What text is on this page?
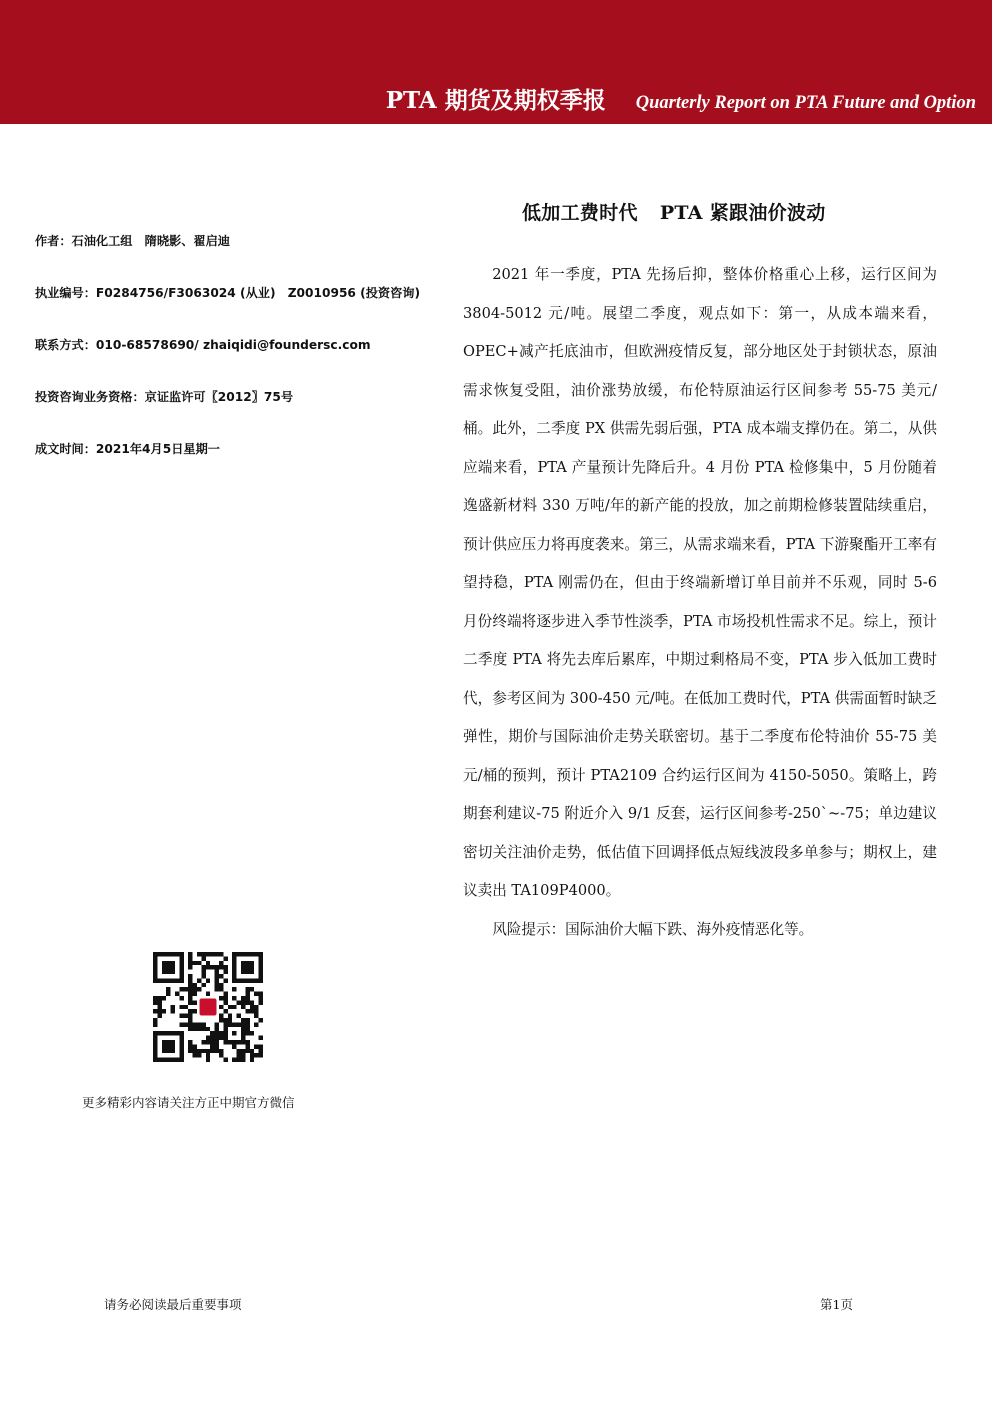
PTA 期货及期权季报 Quarterly Report on PTA Future and Option
作者：石油化工组　隋晓影、翟启迪
执业编号：F0284756/F3063024 (从业)　Z0010956 (投资咨询)
联系方式：010-68578690/ zhaiqidi@foundersc.com
投资咨询业务资格：京证监许可〖2012〗75号
成文时间：2021年4月5日星期一
低加工费时代 PTA 紧跟油价波动

2021 年一季度，PTA 先扬后抑，整体价格重心上移，运行区间为 3804-5012 元/吨。展望二季度，观点如下：第一，从成本端来看，OPEC+减产托底油市，但欧洲疫情反复，部分地区处于封锁状态，原油需求恢复受阻，油价涨势放缓，布伦特原油运行区间参考 55-75 美元/桶。此外，二季度 PX 供需先弱后强，PTA 成本端支撑仍在。第二，从供应端来看，PTA 产量预计先降后升。4 月份 PTA 检修集中，5 月份随着逸盛新材料 330 万吨/年的新产能的投放，加之前期检修装置陆续重启，预计供应压力将再度袭来。第三，从需求端来看，PTA 下游聚酯开工率有望持稳，PTA 刚需仍在，但由于终端新增订单目前并不乐观，同时 5-6 月份终端将逐步进入季节性淡季，PTA 市场投机性需求不足。综上，预计二季度 PTA 将先去库后累库，中期过剩格局不变，PTA 步入低加工费时代，参考区间为 300-450 元/吨。在低加工费时代，PTA 供需面暂时缺乏弹性，期价与国际油价走势关联密切。基于二季度布伦特油价 55-75 美元/桶的预判，预计 PTA2109 合约运行区间为 4150-5050。策略上，跨期套利建议-75 附近介入 9/1 反套，运行区间参考-250`~-75；单边建议密切关注油价走势，低估值下回调择低点短线波段多单参与；期权上，建议卖出 TA109P4000。

风险提示：国际油价大幅下跌、海外疫情恶化等。

更多精彩内容请关注方正中期官方微信
请务必阅读最后重要事项	第1页
